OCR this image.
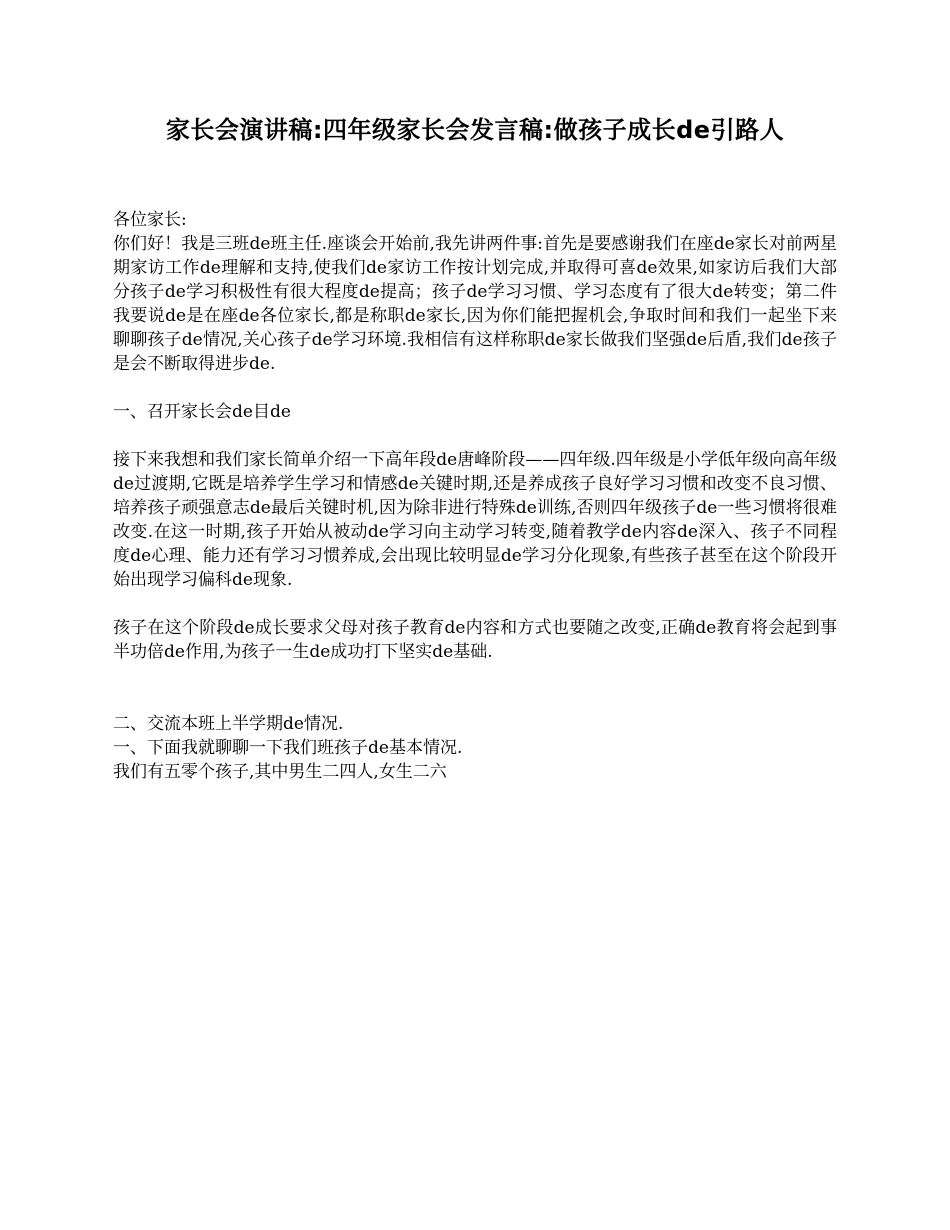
家长会演讲稿:四年级家长会发言稿:做孩子成长de引路人

各位家长:

你们好！我是三班de班主任.座谈会开始前,我先讲两件事:首先是要感谢我们在座de家长对前两星期家访工作de理解和支持,使我们de家访工作按计划完成,并取得可喜de效果,如家访后我们大部分孩子de学习积极性有很大程度de提高；孩子de学习习惯、学习态度有了很大de转变；第二件我要说de是在座de各位家长,都是称职de家长,因为你们能把握机会,争取时间和我们一起坐下来聊聊孩子de情况,关心孩子de学习环境.我相信有这样称职de家长做我们坚强de后盾,我们de孩子是会不断取得进步de.

一、召开家长会de目de

接下来我想和我们家长简单介绍一下高年段de唐峰阶段——四年级.四年级是小学低年级向高年级de过渡期,它既是培养学生学习和情感de关键时期,还是养成孩子良好学习习惯和改变不良习惯、培养孩子顽强意志de最后关键时机,因为除非进行特殊de训练,否则四年级孩子de一些习惯将很难改变.在这一时期,孩子开始从被动de学习向主动学习转变,随着教学de内容de深入、孩子不同程度de心理、能力还有学习习惯养成,会出现比较明显de学习分化现象,有些孩子甚至在这个阶段开始出现学习偏科de现象.

孩子在这个阶段de成长要求父母对孩子教育de内容和方式也要随之改变,正确de教育将会起到事半功倍de作用,为孩子一生de成功打下坚实de基础.

二、交流本班上半学期de情况.

一、下面我就聊聊一下我们班孩子de基本情况.

我们有五零个孩子,其中男生二四人,女生二六
